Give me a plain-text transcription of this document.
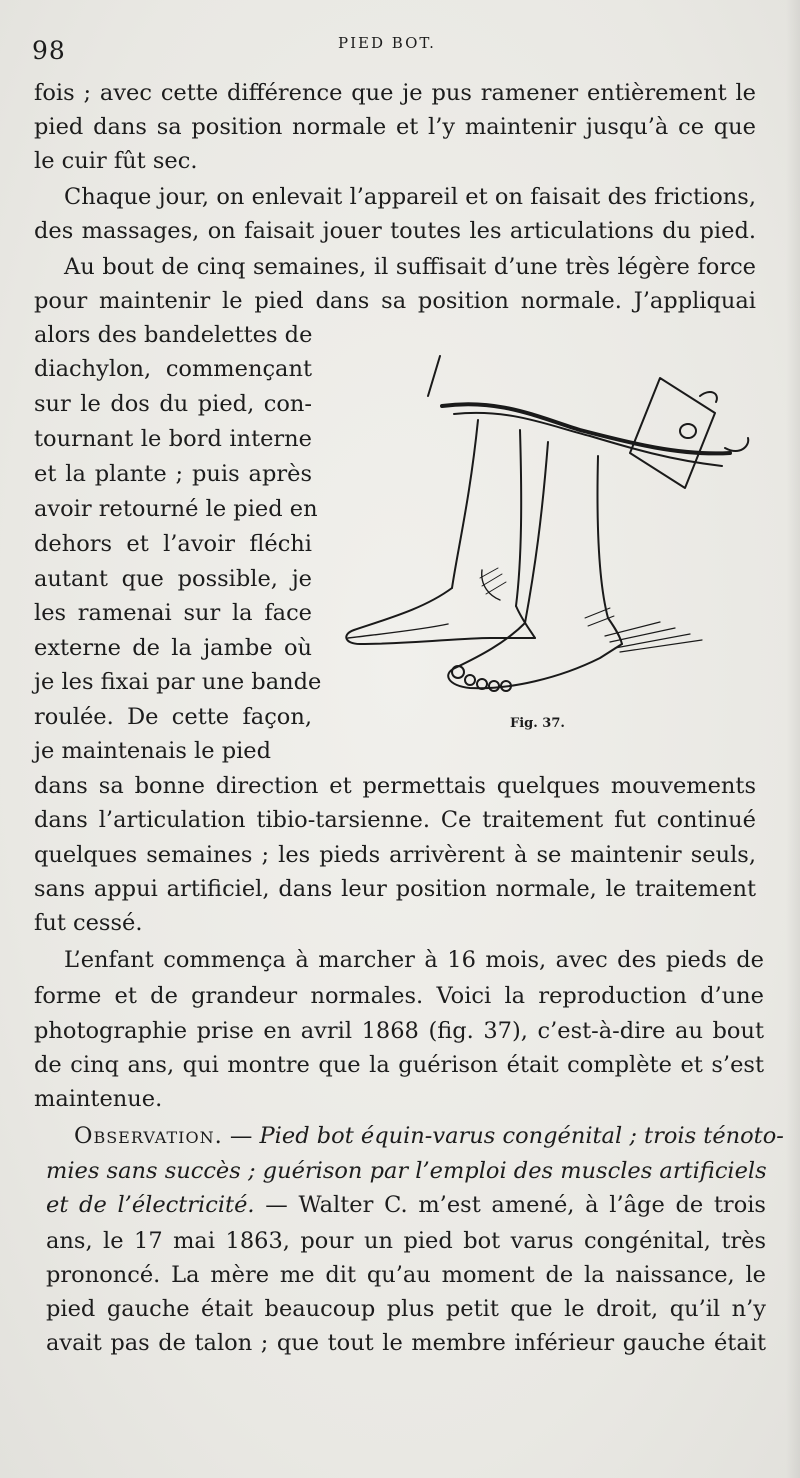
98	PIED BOT.
fois ; avec cette différence que je pus ramener entièrement le
pied dans sa position normale et l’y maintenir jusqu’à ce que
le cuir fût sec.
Chaque jour, on enlevait l’appareil et on faisait des frictions,
des massages, on faisait jouer toutes les articulations du pied.
Au bout de cinq semaines, il suffisait d’une très légère force
pour maintenir le pied dans sa position normale. J’appliquai
alors des bandelettes de
diachylon, commençant
sur le dos du pied, con-
tournant le bord interne
et la plante ; puis après
avoir retourné le pied en
dehors et l’avoir fléchi
autant que possible, je
les ramenai sur la face
externe de la jambe où
je les fixai par une bande
roulée. De cette façon,
je maintenais le pied
Fig. 37.
dans sa bonne direction et permettais quelques mouvements
dans l’articulation tibio-tarsienne. Ce traitement fut continué
quelques semaines ; les pieds arrivèrent à se maintenir seuls,
sans appui artificiel, dans leur position normale, le traitement
fut cessé.
L’enfant commença à marcher à 16 mois, avec des pieds de
forme et de grandeur normales. Voici la reproduction d’une
photographie prise en avril 1868 (fig. 37), c’est-à-dire au bout
de cinq ans, qui montre que la guérison était complète et s’est
maintenue.
Observation. — Pied bot équin-varus congénital ; trois ténoto-
mies sans succès ; guérison par l’emploi des muscles artificiels
et de l’électricité. — Walter C. m’est amené, à l’âge de trois
ans, le 17 mai 1863, pour un pied bot varus congénital, très
prononcé. La mère me dit qu’au moment de la naissance, le
pied gauche était beaucoup plus petit que le droit, qu’il n’y
avait pas de talon ; que tout le membre inférieur gauche était
